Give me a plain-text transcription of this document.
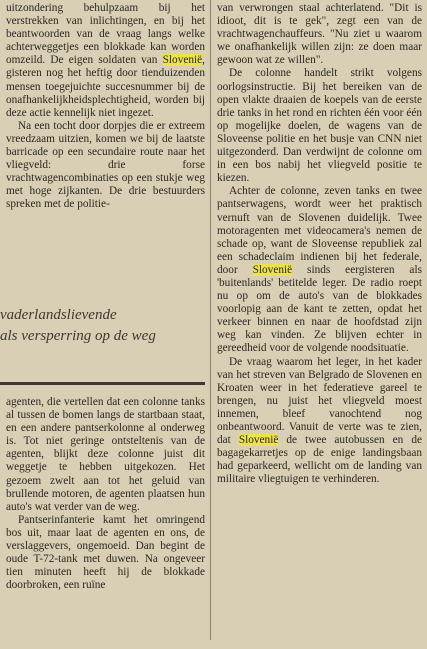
uitzondering behulpzaam bij het verstrekken van inlichtingen, en bij het beantwoorden van de vraag langs welke achterweggetjes een blokkade kan worden omzeild. De eigen soldaten van Slovenië, gisteren nog het heftig door tienduizenden mensen toegejuichte succesnummer bij de onafhankelijkheidsplechtigheid, worden bij deze actie kennelijk niet ingezet.

Na een tocht door dorpjes die er extreem vreedzaam uitzien, komen we bij de laatste barricade op een secundaire route naar het vliegveld: drie forse vrachtwagencombinaties op een stukje weg met hoge zijkanten. De drie bestuurders spreken met de politie-

vaderlandslievende
als versperring op de weg

agenten, die vertellen dat een colonne tanks al tussen de bomen langs de startbaan staat, en een andere pantserkolonne al onderweg is. Tot niet geringe ontsteltenis van de agenten, blijkt deze colonne juist dit weggetje te hebben uitgekozen. Het gezoem zwelt aan tot het geluid van brullende motoren, de agenten plaatsen hun auto's wat verder van de weg.

Pantserinfanterie kamt het omringend bos uit, maar laat de agenten en ons, de verslaggevers, ongemoeid. Dan begint de oude T-72-tank met duwen. Na ongeveer tien minuten heeft hij de blokkade doorbroken, een ruïne

van verwrongen staal achterlatend. "Dit is idioot, dit is te gek", zegt een van de vrachtwagenchauffeurs. "Nu ziet u waarom we onafhankelijk willen zijn: ze doen maar gewoon wat ze willen".

De colonne handelt strikt volgens oorlogsinstructie. Bij het bereiken van de open vlakte draaien de koepels van de eerste drie tanks in het rond en richten één voor één op mogelijke doelen, de wagens van de Sloveense politie en het busje van CNN niet uitgezonderd. Dan verdwijnt de colonne om in een bos nabij het vliegveld positie te kiezen.

Achter de colonne, zeven tanks en twee pantserwagens, wordt weer het praktisch vernuft van de Slovenen duidelijk. Twee motoragenten met videocamera's nemen de schade op, want de Sloveense republiek zal een schadeclaim indienen bij het federale, door Slovenië sinds eergisteren als 'buitenlands' betitelde leger. De radio roept nu op om de auto's van de blokkades voorlopig aan de kant te zetten, opdat het verkeer binnen en naar de hoofdstad zijn weg kan vinden. Ze blijven echter in gereedheid voor de volgende noodsituatie.

De vraag waarom het leger, in het kader van het streven van Belgrado de Slovenen en Kroaten weer in het federatieve gareel te brengen, nu juist het vliegveld moest innemen, bleef vanochtend nog onbeantwoord. Vanuit de verte was te zien, dat Slovenië de twee autobussen en de bagagekarretjes op de enige landingsbaan had geparkeerd, wellicht om de landing van militaire vliegtuigen te verhinderen.
